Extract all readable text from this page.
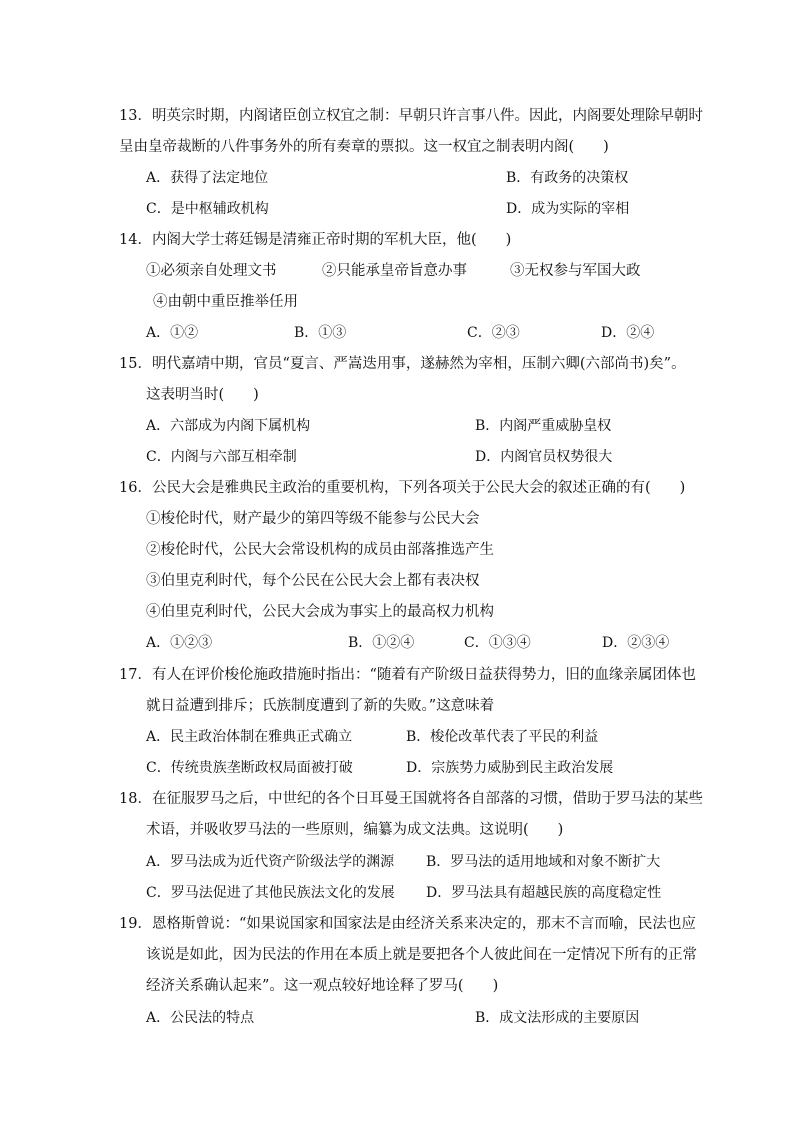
13．明英宗时期，内阁诸臣创立权宜之制：早朝只许言事八件。因此，内阁要处理除早朝时
呈由皇帝裁断的八件事务外的所有奏章的票拟。这一权宜之制表明内阁(　　)
A．获得了法定地位	B．有政务的决策权
C．是中枢辅政机构	D．成为实际的宰相
14．内阁大学士蒋廷锡是清雍正帝时期的军机大臣，他(　　)
①必须亲自处理文书	②只能承皇帝旨意办事	③无权参与军国大政
④由朝中重臣推举任用
A．①②	B．①③	C．②③	D．②④
15．明代嘉靖中期，官员“夏言、严嵩迭用事，遂赫然为宰相，压制六卿(六部尚书)矣”。
这表明当时(　　)
A．六部成为内阁下属机构	B．内阁严重威胁皇权
C．内阁与六部互相牵制	D．内阁官员权势很大
16．公民大会是雅典民主政治的重要机构，下列各项关于公民大会的叙述正确的有(　　)
①梭伦时代，财产最少的第四等级不能参与公民大会
②梭伦时代，公民大会常设机构的成员由部落推选产生
③伯里克利时代，每个公民在公民大会上都有表决权
④伯里克利时代，公民大会成为事实上的最高权力机构
A．①②③	B．①②④	C．①③④	D．②③④
17．有人在评价梭伦施政措施时指出：“随着有产阶级日益获得势力，旧的血缘亲属团体也
就日益遭到排斥；氏族制度遭到了新的失败。”这意味着
A．民主政治体制在雅典正式确立	B．梭伦改革代表了平民的利益
C．传统贵族垄断政权局面被打破	D．宗族势力威胁到民主政治发展
18．在征服罗马之后，中世纪的各个日耳曼王国就将各自部落的习惯，借助于罗马法的某些
术语，并吸收罗马法的一些原则，编纂为成文法典。这说明(　　)
A．罗马法成为近代资产阶级法学的渊源 B．罗马法的适用地域和对象不断扩大
C．罗马法促进了其他民族法文化的发展 D．罗马法具有超越民族的高度稳定性
19．恩格斯曾说：“如果说国家和国家法是由经济关系来决定的，那末不言而喻，民法也应
该说是如此，因为民法的作用在本质上就是要把各个人彼此间在一定情况下所有的正常
经济关系确认起来”。这一观点较好地诠释了罗马(　　)
A．公民法的特点	B．成文法形成的主要原因
